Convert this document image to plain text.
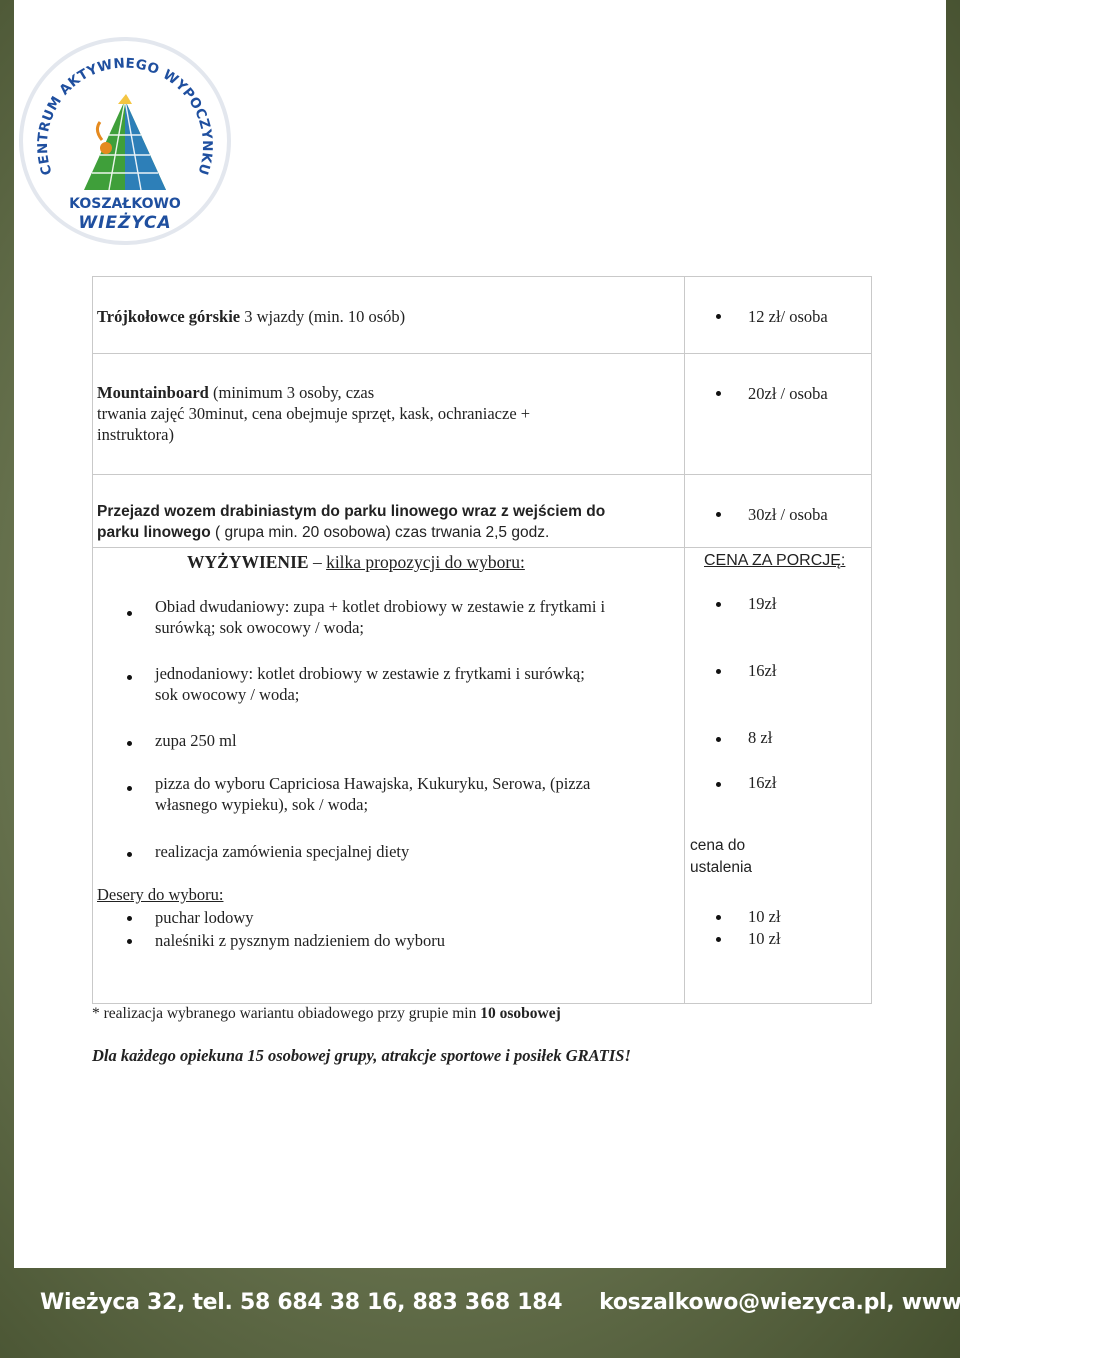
CENTRUM AKTYWNEGO WYPOCZYNKU
KOSZAŁKOWO
WIEŻYCA
Trójkołowce górskie 3 wjazdy (min. 10 osób)	12 zł/ osoba
Mountainboard (minimum 3 osoby, czas
trwania zajęć 30minut, cena obejmuje sprzęt, kask, ochraniacze +
instruktora)
20zł / osoba
Przejazd wozem drabiniastym do parku linowego wraz z wejściem do
parku linowego ( grupa min. 20 osobowa) czas trwania 2,5 godz.
30zł / osoba
WYŻYWIENIE – kilka propozycji do wyboru:
Obiad dwudaniowy: zupa + kotlet drobiowy w zestawie z frytkami i
surówką; sok owocowy / woda;
jednodaniowy: kotlet drobiowy w zestawie z frytkami i surówką;
sok owocowy / woda;
zupa 250 ml
pizza do wyboru Capriciosa Hawajska, Kukuryku, Serowa, (pizza
własnego wypieku), sok / woda;
realizacja zamówienia specjalnej diety
Desery do wyboru:
puchar lodowy
naleśniki z pysznym nadzieniem do wyboru
CENA ZA PORCJĘ:
19zł
16zł
8 zł
16zł
cena do
ustalenia
10 zł
10 zł
* realizacja wybranego wariantu obiadowego przy grupie min 10 osobowej
Dla każdego opiekuna 15 osobowej grupy, atrakcje sportowe i posiłek GRATIS!
Wieżyca 32, tel. 58 684 38 16, 883 368 184     koszalkowo@wiezyca.pl, www.wiezyca.pl
